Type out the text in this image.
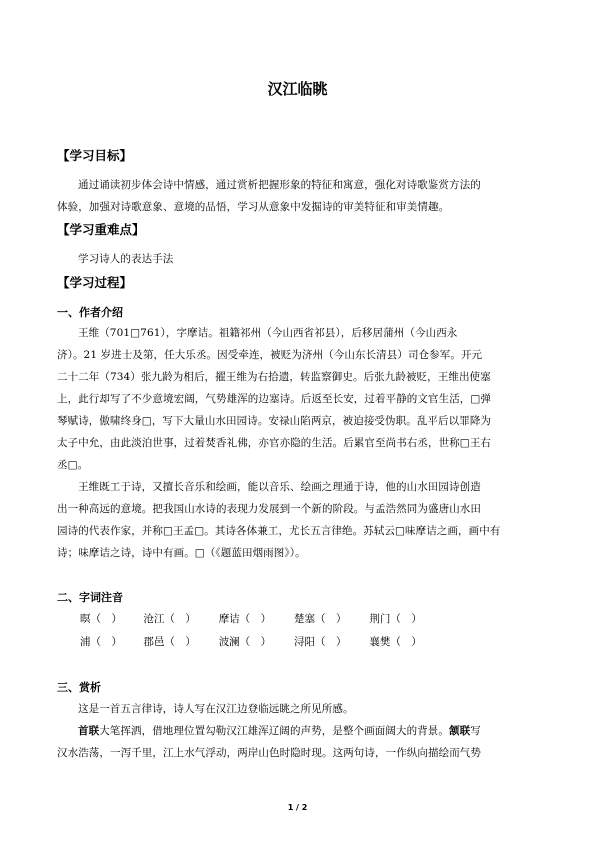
汉江临眺
【学习目标】
通过诵读初步体会诗中情感，通过赏析把握形象的特征和寓意，强化对诗歌鉴赏方法的
体验，加强对诗歌意象、意境的品悟，学习从意象中发掘诗的审美特征和审美情趣。
【学习重难点】
学习诗人的表达手法
【学习过程】
一、作者介绍
王维（701□761），字摩诘。祖籍祁州（今山西省祁县），后移居蒲州（今山西永
济）。21 岁进士及第，任大乐丞。因受牵连，被贬为济州（今山东长清县）司仓参军。开元
二十二年（734）张九龄为相后，擢王维为右拾遗，转监察御史。后张九龄被贬，王维出使塞
上，此行却写了不少意境宏阔，气势雄浑的边塞诗。后返至长安，过着平静的文官生活，□弹
琴赋诗，傲啸终身□，写下大量山水田园诗。安禄山陷两京，被迫接受伪职。乱平后以罪降为
太子中允，由此淡泊世事，过着焚香礼佛，亦官亦隐的生活。后累官至尚书右丞，世称□王右
丞□。
王维既工于诗，又擅长音乐和绘画，能以音乐、绘画之理通于诗，他的山水田园诗创造
出一种高远的意境。把我国山水诗的表现力发展到一个新的阶段。与孟浩然同为盛唐山水田
园诗的代表作家，并称□王孟□。其诗各体兼工，尤长五言律绝。苏轼云□味摩诘之画，画中有
诗；味摩诘之诗，诗中有画。□（《题蓝田烟雨图》）。
二、字词注音
暝（　） 沧江（　） 摩诘（　） 楚塞（　） 荆门（　）
浦（　） 郡邑（　） 波澜（　） 浔阳（　） 襄樊（　）
三、赏析
这是一首五言律诗，诗人写在汉江边登临远眺之所见所感。
首联大笔挥洒，借地理位置勾勒汉江雄浑辽阔的声势，是整个画面阔大的背景。颔联写
汉水浩荡，一泻千里，江上水气浮动，两岸山色时隐时现。这两句诗，一作纵向描绘而气势
1 / 2
